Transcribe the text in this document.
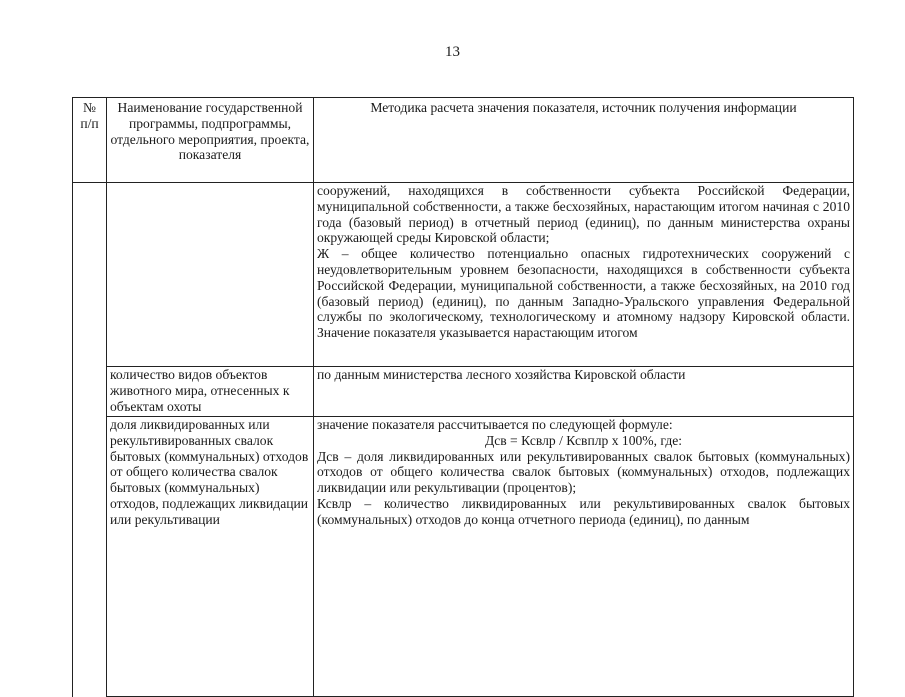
13
№ п/п	Наименование государственной программы, подпрограммы, отдельного мероприятия, проекта, показателя	Методика расчета значения показателя, источник получения информации

		сооружений, находящихся в собственности субъекта Российской Федерации, муниципальной собственности, а также бесхозяйных, нарастающим итогом начиная с 2010 года (базовый период) в отчетный период (единиц), по данным министерства охраны окружающей среды Кировской области;

Ж – общее количество потенциально опасных гидротехнических сооружений с неудовлетворительным уровнем безопасности, находящихся в собственности субъекта Российской Федерации, муниципальной собственности, а также бесхозяйных, на 2010 год (базовый период) (единиц), по данным Западно-Уральского управления Федеральной службы по экологическому, технологическому и атомному надзору Кировской области. Значение показателя указывается нарастающим итогом

	количество видов объектов животного мира, отнесенных к объектам охоты	по данным министерства лесного хозяйства Кировской области

	доля ликвидированных или рекультивированных свалок бытовых (коммунальных) отходов от общего количества свалок бытовых (коммунальных) отходов, подлежащих ликвидации или рекультивации	значение показателя рассчитывается по следующей формуле:

Дсв = Ксвлр / Ксвплр х 100%, где:

Дсв – доля ликвидированных или рекультивированных свалок бытовых (коммунальных) отходов от общего количества свалок бытовых (коммунальных) отходов, подлежащих ликвидации или рекультивации (процентов);

Ксвлр – количество ликвидированных или рекультивированных свалок бытовых (коммунальных) отходов до конца отчетного периода (единиц), по данным
